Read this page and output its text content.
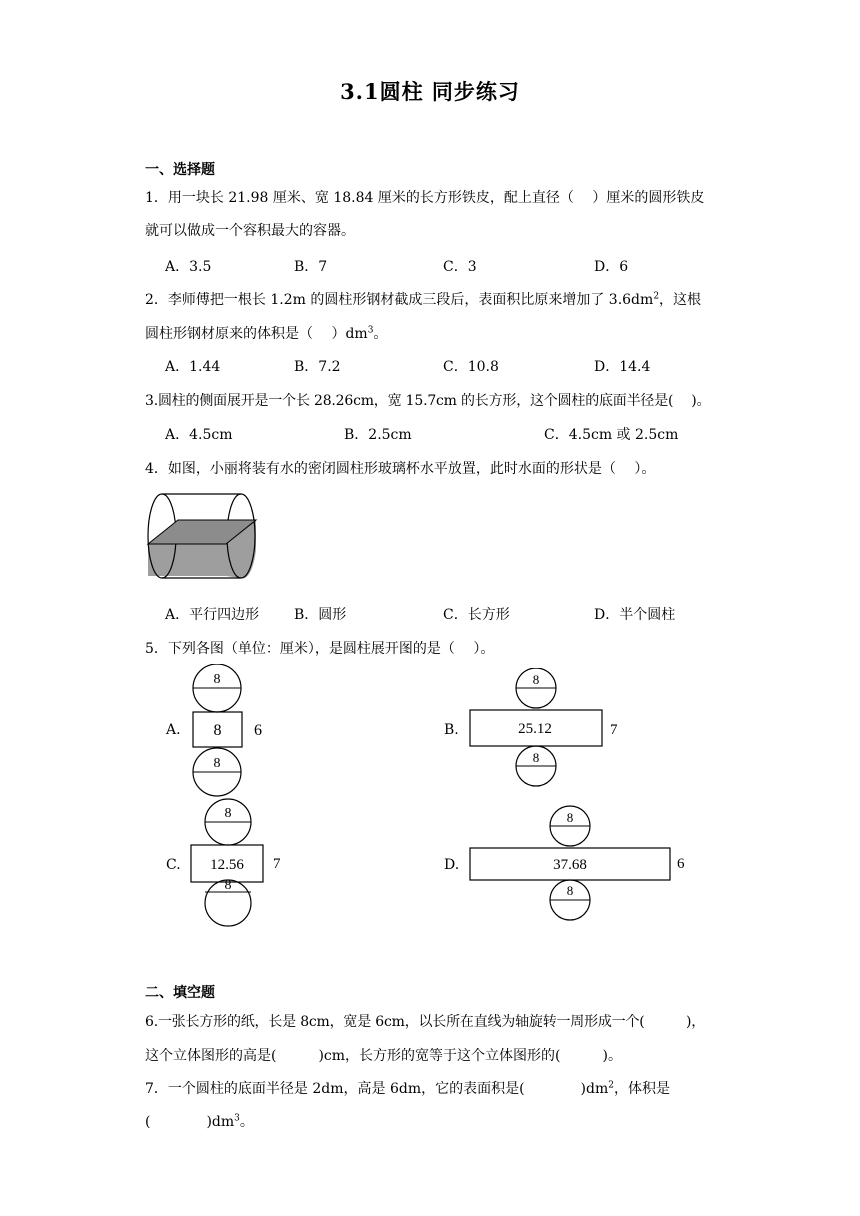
3.1圆柱 同步练习
一、选择题
1．用一块长 21.98 厘米、宽 18.84 厘米的长方形铁皮，配上直径（　 ）厘米的圆形铁皮
就可以做成一个容积最大的容器。
A．3.5	B．7	C．3	D．6
2．李师傅把一根长 1.2m 的圆柱形钢材截成三段后，表面积比原来增加了 $3.6dm^2$，这根
圆柱形钢材原来的体积是（　 ）$dm^3$。
A．1.44	B．7.2	C．10.8	D．14.4
3.圆柱的侧面展开是一个长 28.26cm，宽 15.7cm 的长方形，这个圆柱的底面半径是(　 )。
A．4.5cm	B．2.5cm	C．4.5cm 或 2.5cm
4．如图，小丽将装有水的密闭圆柱形玻璃杯水平放置，此时水面的形状是（　 ）。
A．平行四边形 B．圆形	C．长方形	D．半个圆柱
5．下列各图（单位：厘米），是圆柱展开图的是（　 ）。
A.
8
8 6
8
B.
8
25.12	7
8
C.
8
12.56 7
8
D.
8
37.68	6
8
二、填空题
6.一张长方形的纸，长是 8cm，宽是 6cm，以长所在直线为轴旋转一周形成一个(　　　)，
这个立体图形的高是(　　　)cm，长方形的宽等于这个立体图形的(　　　)。
7．一个圆柱的底面半径是 2dm，高是 6dm，它的表面积是(　　　　)$dm^2$，体积是
(　　　　)$dm^3$。
